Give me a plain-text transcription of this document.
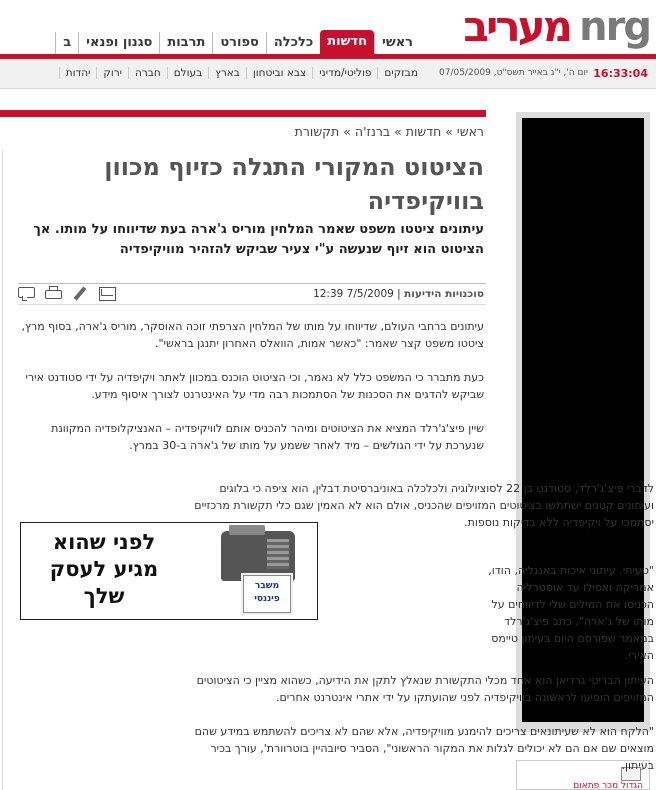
nrg
מעריב
ראשי
חדשות
כלכלה
ספורט
תרבות
סגנון ופנאי
ב
16:33:04
יום ה', י"ג באייר תשס"ט, 07/05/2009
מבזקים
פוליטי/מדיני
צבא וביטחון
בארץ
בעולם
חברה
ירוק
יהדות
הגדול מכר פתאום
ראשי»חדשות»ברנז'ה»תקשורת
הציטוט המקורי התגלה כזיוף מכוון בוויקיפדיה
עיתונים ציטטו משפט שאמר המלחין מוריס ג'ארה בעת שדיווחו על מותו. אך הציטוט הוא זיוף שנעשה ע"י צעיר שביקש להזהיר מוויקיפדיה
סוכנויות הידיעות | 7/5/2009 12:39

עיתונים ברחבי העולם, שדיווחו על מותו של המלחין הצרפתי זוכה האוסקר, מוריס ג'ארה, בסוף מרץ, ציטטו משפט קצר שאמר: "כאשר אמות, הוואלס האחרון יתנגן בראשי".

כעת מתברר כי המשפט כלל לא נאמר, וכי הציטוט הוכנס במכוון לאתר ויקיפדיה על ידי סטודנט אירי שביקש להדגים את הסכנות של הסתמכות רבה מדי על האינטרנט לצורך איסוף מידע.

שיין פיצ'ג'רלד המציא את הציטוטים ומיהר להכניס אותם לוויקיפדיה – האנציקלופדיה המקוונת שנערכת על ידי הגולשים – מיד לאחר ששמע על מותו של ג'ארה ב-30 במרץ.

לדברי פיצ'ג'רלד, סטודנט בן 22 לסוציולוגיה ולכלכלה באוניברסיטת דבלין, הוא ציפה כי בלוגים ועיתונים קטנים ישתמשו בציטוטים המזויפים שהכניס, אולם הוא לא האמין שגם כלי תקשורת מרכזיים יסתמכו על ויקיפדיה ללא בדיקות נוספות.

"טעיתי. עיתוני איכות באנגליה, הודו, אמריקה ואפילו עד אוסטרליה הכניסו את המילים שלי לדיווחים על מותו של ג'ארה", כתב פיצ'ג'רלד במאמר שפורסם היום בעיתון טיימס האירי.
לפני שהוא מגיע לעסק שלך	משבר פיננסי

העיתון הבריטי גרדיאן הוא אחד מכלי התקשורת שנאלץ לתקן את הידיעה, כשהוא מציין כי הציטוטים המזויפים הופיעו לראשונה בוויקיפדיה לפני שהועתקו על ידי אתרי אינטרנט אחרים.

"הלקח הוא לא שעיתונאים צריכים להימנע מוויקיפדיה, אלא שהם לא צריכים להשתמש במידע שהם מוצאים שם אם הם לא יכולים לגלות את המקור הראשוני", הסביר סיובהיין בוטרוורת', עורך בכיר בעיתון.
